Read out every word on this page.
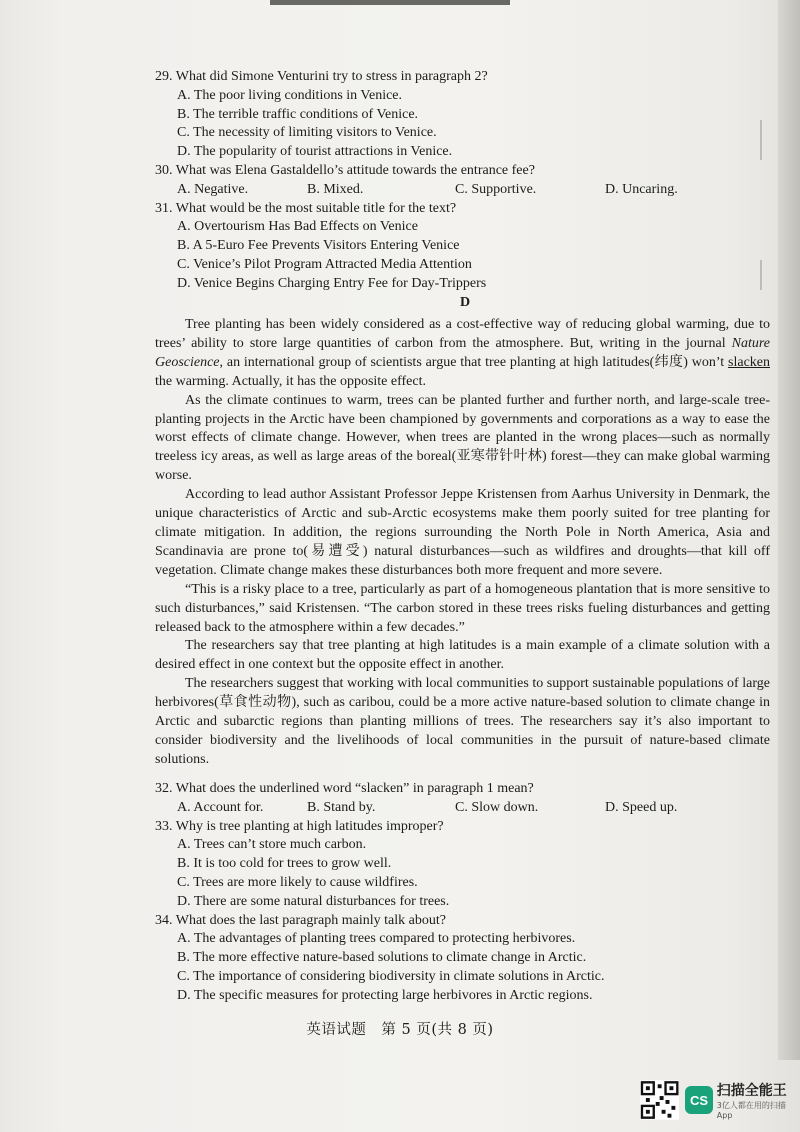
29. What did Simone Venturini try to stress in paragraph 2?
A. The poor living conditions in Venice.
B. The terrible traffic conditions of Venice.
C. The necessity of limiting visitors to Venice.
D. The popularity of tourist attractions in Venice.
30. What was Elena Gastaldello’s attitude towards the entrance fee?
A. Negative.	B. Mixed.	C. Supportive.	D. Uncaring.
31. What would be the most suitable title for the text?
A. Overtourism Has Bad Effects on Venice
B. A 5-Euro Fee Prevents Visitors Entering Venice
C. Venice’s Pilot Program Attracted Media Attention
D. Venice Begins Charging Entry Fee for Day-Trippers
D

Tree planting has been widely considered as a cost-effective way of reducing global warming, due to trees’ ability to store large quantities of carbon from the atmosphere. But, writing in the journal Nature Geoscience, an international group of scientists argue that tree planting at high latitudes(纬度) won’t slacken the warming. Actually, it has the opposite effect.

As the climate continues to warm, trees can be planted further and further north, and large-scale tree-planting projects in the Arctic have been championed by governments and corporations as a way to ease the worst effects of climate change. However, when trees are planted in the wrong places—such as normally treeless icy areas, as well as large areas of the boreal(亚寒带针叶林) forest—they can make global warming worse.

According to lead author Assistant Professor Jeppe Kristensen from Aarhus University in Denmark, the unique characteristics of Arctic and sub-Arctic ecosystems make them poorly suited for tree planting for climate mitigation. In addition, the regions surrounding the North Pole in North America, Asia and Scandinavia are prone to(易遭受) natural disturbances—such as wildfires and droughts—that kill off vegetation. Climate change makes these disturbances both more frequent and more severe.

“This is a risky place to a tree, particularly as part of a homogeneous plantation that is more sensitive to such disturbances,” said Kristensen. “The carbon stored in these trees risks fueling disturbances and getting released back to the atmosphere within a few decades.”

The researchers say that tree planting at high latitudes is a main example of a climate solution with a desired effect in one context but the opposite effect in another.

The researchers suggest that working with local communities to support sustainable populations of large herbivores(草食性动物), such as caribou, could be a more active nature-based solution to climate change in Arctic and subarctic regions than planting millions of trees. The researchers say it’s also important to consider biodiversity and the livelihoods of local communities in the pursuit of nature-based climate solutions.

32. What does the underlined word “slacken” in paragraph 1 mean?
A. Account for.	B. Stand by.	C. Slow down.	D. Speed up.
33. Why is tree planting at high latitudes improper?
A. Trees can’t store much carbon.
B. It is too cold for trees to grow well.
C. Trees are more likely to cause wildfires.
D. There are some natural disturbances for trees.
34. What does the last paragraph mainly talk about?
A. The advantages of planting trees compared to protecting herbivores.
B. The more effective nature-based solutions to climate change in Arctic.
C. The importance of considering biodiversity in climate solutions in Arctic.
D. The specific measures for protecting large herbivores in Arctic regions.
英语试题　第 5 页(共 8 页)
CS
扫描全能王
3亿人都在用的扫描App
